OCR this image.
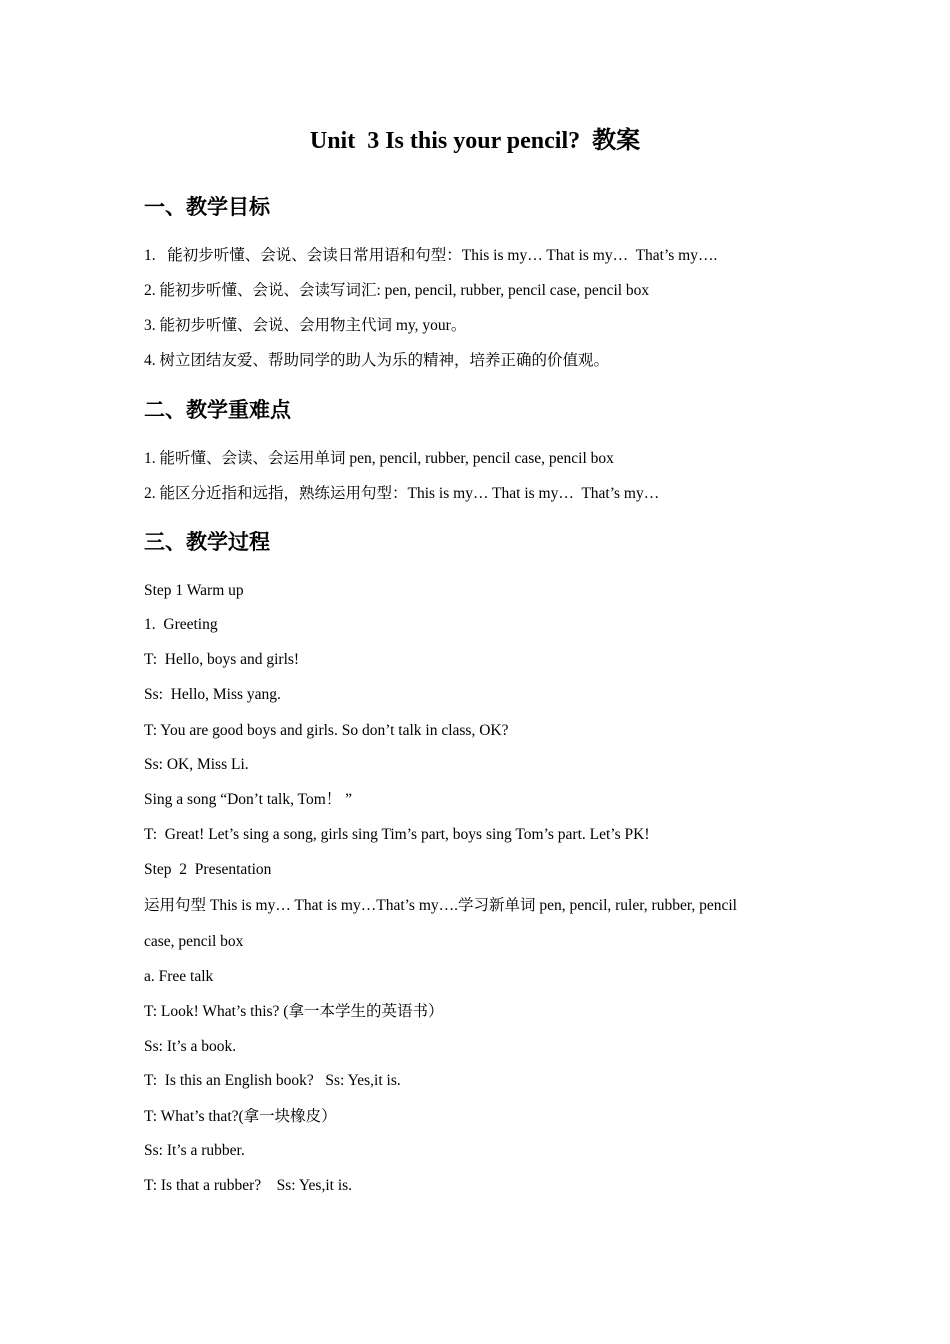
Unit  3 Is this your pencil?  教案
一、教学目标
1.   能初步听懂、会说、会读日常用语和句型：This is my… That is my…  That’s my….
2. 能初步听懂、会说、会读写词汇: pen, pencil, rubber, pencil case, pencil box
3. 能初步听懂、会说、会用物主代词 my, your。
4. 树立团结友爱、帮助同学的助人为乐的精神，培养正确的价值观。
二、教学重难点
1. 能听懂、会读、会运用单词 pen, pencil, rubber, pencil case, pencil box
2. 能区分近指和远指，熟练运用句型：This is my… That is my…  That’s my…
三、教学过程
Step 1 Warm up
1.  Greeting
T:  Hello, boys and girls!
Ss:  Hello, Miss yang.
T: You are good boys and girls. So don’t talk in class, OK?
Ss: OK, Miss Li.
Sing a song “Don’t talk, Tom！ ”
T:  Great! Let’s sing a song, girls sing Tim’s part, boys sing Tom’s part. Let’s PK!
Step  2  Presentation
运用句型 This is my… That is my…That’s my….学习新单词 pen, pencil, ruler, rubber, pencil
case, pencil box
a. Free talk
T: Look! What’s this? (拿一本学生的英语书）
Ss: It’s a book.
T:  Is this an English book?   Ss: Yes,it is.
T: What’s that?(拿一块橡皮）
Ss: It’s a rubber.
T: Is that a rubber?    Ss: Yes,it is.
